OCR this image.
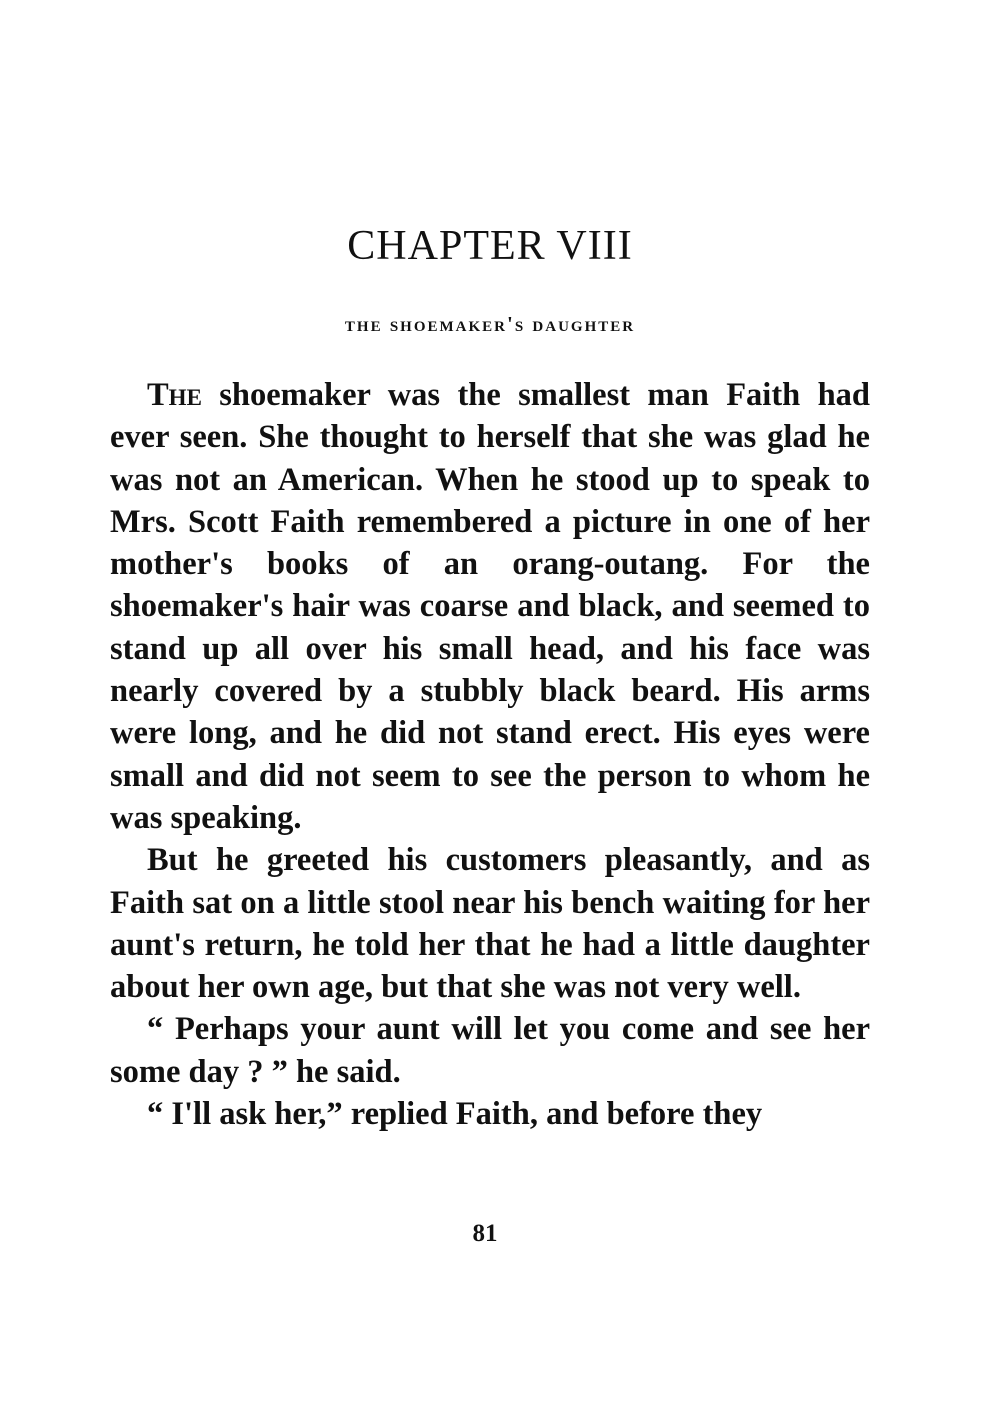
CHAPTER VIII
the shoemaker's daughter

The shoemaker was the smallest man Faith had ever seen. She thought to herself that she was glad he was not an American. When he stood up to speak to Mrs. Scott Faith remembered a picture in one of her mother's books of an orang-outang. For the shoemaker's hair was coarse and black, and seemed to stand up all over his small head, and his face was nearly covered by a stubbly black beard. His arms were long, and he did not stand erect. His eyes were small and did not seem to see the person to whom he was speaking.

But he greeted his customers pleasantly, and as Faith sat on a little stool near his bench waiting for her aunt's return, he told her that he had a little daughter about her own age, but that she was not very well.

“ Perhaps your aunt will let you come and see her some day ? ” he said.

“ I'll ask her,” replied Faith, and before they

81
